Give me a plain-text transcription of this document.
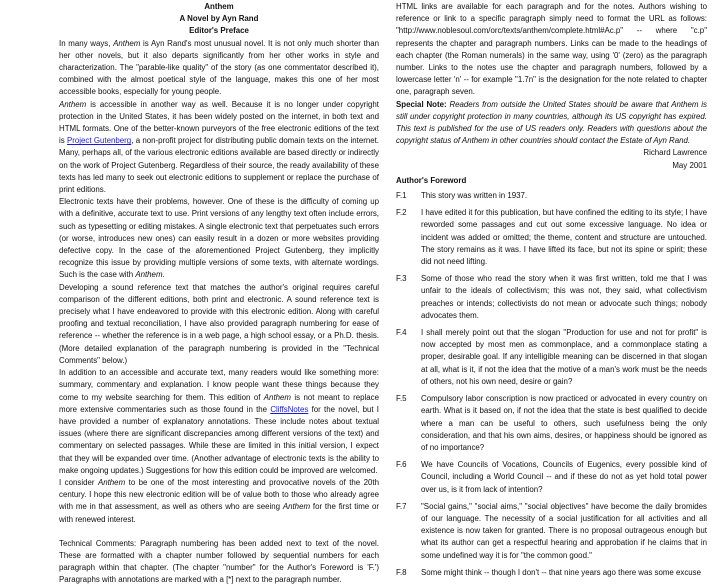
Anthem
A Novel by Ayn Rand
Editor's Preface

In many ways, Anthem is Ayn Rand's most unusual novel. It is not only much shorter than her other novels, but it also departs significantly from her other works in style and characterization. The "parable-like quality" of the story (as one commentator described it), combined with the almost poetical style of the language, makes this one of her most accessible books, especially for young people.

Anthem is accessible in another way as well. Because it is no longer under copyright protection in the United States, it has been widely posted on the internet, in both text and HTML formats. One of the better-known purveyors of the free electronic editions of the text is Project Gutenberg, a non-profit project for distributing public domain texts on the internet. Many, perhaps all, of the various electronic editions available are based directly or indirectly on the work of Project Gutenberg. Regardless of their source, the ready availability of these texts has led many to seek out electronic editions to supplement or replace the purchase of print editions.

Electronic texts have their problems, however. One of these is the difficulty of coming up with a definitive, accurate text to use. Print versions of any lengthy text often include errors, such as typesetting or editing mistakes. A single electronic text that perpetuates such errors (or worse, introduces new ones) can easily result in a dozen or more websites providing defective copy. In the case of the aforementioned Project Gutenberg, they implicitly recognize this issue by providing multiple versions of some texts, with alternate wordings. Such is the case with Anthem.

Developing a sound reference text that matches the author's original requires careful comparison of the different editions, both print and electronic. A sound reference text is precisely what I have endeavored to provide with this electronic edition. Along with careful proofing and textual reconciliation, I have also provided paragraph numbering for ease of reference -- whether the reference is in a web page, a high school essay, or a Ph.D. thesis. (More detailed explanation of the paragraph numbering is provided in the "Technical Comments" below.)

In addition to an accessible and accurate text, many readers would like something more: summary, commentary and explanation. I know people want these things because they come to my website searching for them. This edition of Anthem is not meant to replace more extensive commentaries such as those found in the CliffsNotes for the novel, but I have provided a number of explanatory annotations. These include notes about textual issues (where there are significant discrepancies among different versions of the text) and commentary on selected passages. While these are limited in this initial version, I expect that they will be expanded over time. (Another advantage of electronic texts is the ability to make ongoing updates.) Suggestions for how this edition could be improved are welcomed.

I consider Anthem to be one of the most interesting and provocative novels of the 20th century. I hope this new electronic edition will be of value both to those who already agree with me in that assessment, as well as others who are seeing Anthem for the first time or with renewed interest.

Technical Comments: Paragraph numbering has been added next to text of the novel. These are formatted with a chapter number followed by sequential numbers for each paragraph within that chapter. (The chapter "number" for the Author's Foreword is 'F.') Paragraphs with annotations are marked with a [*] next to the paragraph number.

HTML links are available for each paragraph and for the notes. Authors wishing to reference or link to a specific paragraph simply need to format the URL as follows: "http://www.noblesoul.com/orc/texts/anthem/complete.html#Ac.p" -- where "c.p" represents the chapter and paragraph numbers. Links can be made to the headings of each chapter (the Roman numerals) in the same way, using '0' (zero) as the paragraph number. Links to the notes use the chapter and paragraph numbers, followed by a lowercase letter 'n' -- for example "1.7n" is the designation for the note related to chapter one, paragraph seven.

Special Note: Readers from outside the United States should be aware that Anthem is still under copyright protection in many countries, although its US copyright has expired. This text is published for the use of US readers only. Readers with questions about the copyright status of Anthem in other countries should contact the Estate of Ayn Rand.

Richard Lawrence
May 2001
Author's Foreword
F.1	This story was written in 1937.
F.2	I have edited it for this publication, but have confined the editing to its style; I have reworded some passages and cut out some excessive language. No idea or incident was added or omitted; the theme, content and structure are untouched. The story remains as it was. I have lifted its face, but not its spine or spirit; these did not need lifting.
F.3	Some of those who read the story when it was first written, told me that I was unfair to the ideals of collectivism; this was not, they said, what collectivism preaches or intends; collectivists do not mean or advocate such things; nobody advocates them.
F.4	I shall merely point out that the slogan "Production for use and not for profit" is now accepted by most men as commonplace, and a commonplace stating a proper, desirable goal. If any intelligible meaning can be discerned in that slogan at all, what is it, if not the idea that the motive of a man's work must be the needs of others, not his own need, desire or gain?
F.5	Compulsory labor conscription is now practiced or advocated in every country on earth. What is it based on, if not the idea that the state is best qualified to decide where a man can be useful to others, such usefulness being the only consideration, and that his own aims, desires, or happiness should be ignored as of no importance?
F.6	We have Councils of Vocations, Councils of Eugenics, every possible kind of Council, including a World Council -- and if these do not as yet hold total power over us, is it from lack of intention?
F.7	"Social gains," "social aims," "social objectives" have become the daily bromides of our language. The necessity of a social justification for all activities and all existence is now taken for granted. There is no proposal outrageous enough but what its author can get a respectful hearing and approbation if he claims that in some undefined way it is for "the common good."
F.8	Some might think -- though I don't -- that nine years ago there was some excuse
